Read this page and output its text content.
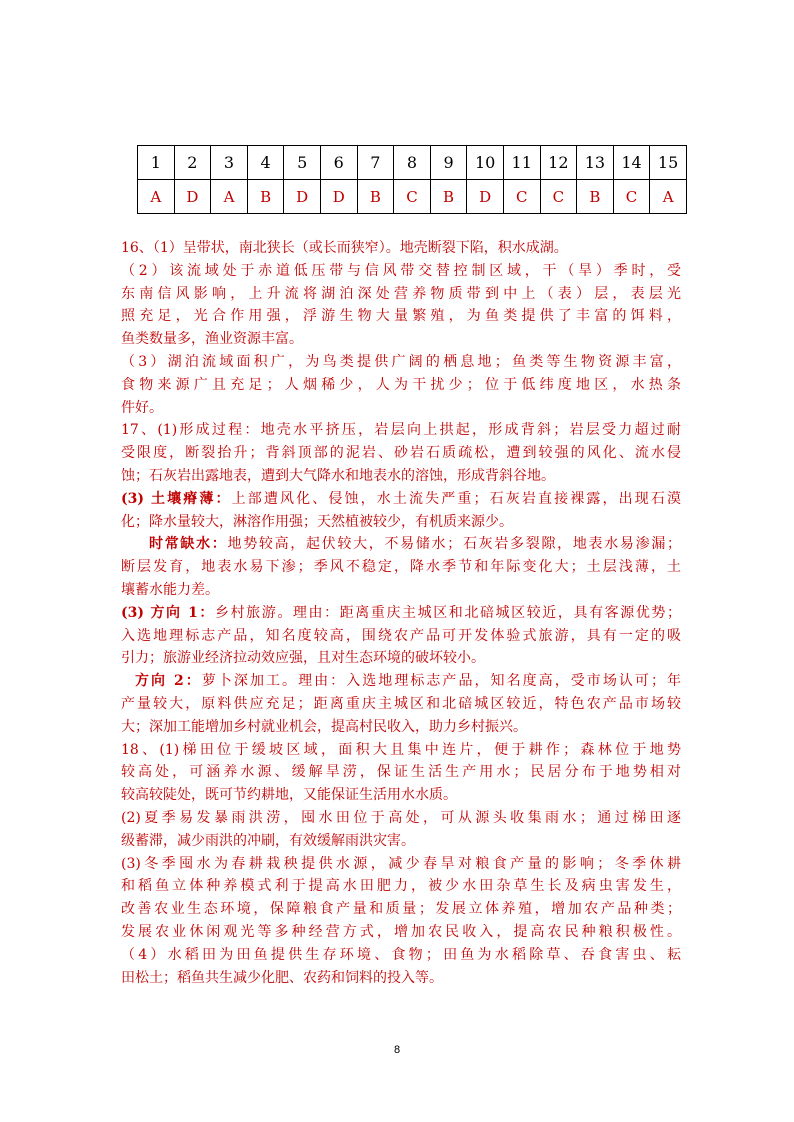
1	2	3	4	5	6	7	8	9	10	11	12	13	14	15
A	D	A	B	D	D	B	C	B	D	C	C	B	C	A
16、（1）呈带状，南北狭长（或长而狭窄）。地壳断裂下陷，积水成湖。
（2）该流域处于赤道低压带与信风带交替控制区域，干（旱）季时，受
东南信风影响，上升流将湖泊深处营养物质带到中上（表）层，表层光
照充足，光合作用强，浮游生物大量繁殖，为鱼类提供了丰富的饵料，
鱼类数量多，渔业资源丰富。
（3）湖泊流域面积广，为鸟类提供广阔的栖息地；鱼类等生物资源丰富，
食物来源广且充足；人烟稀少，人为干扰少；位于低纬度地区，水热条
件好。
17、(1)形成过程：地壳水平挤压，岩层向上拱起，形成背斜；岩层受力超过耐
受限度，断裂抬升；背斜顶部的泥岩、砂岩石质疏松，遭到较强的风化、流水侵
蚀；石灰岩出露地表，遭到大气降水和地表水的溶蚀，形成背斜谷地。
(3) 土壤瘠薄：上部遭风化、侵蚀，水土流失严重；石灰岩直接裸露，出现石漠
化；降水量较大，淋溶作用强；天然植被较少，有机质来源少。
时常缺水：地势较高，起伏较大，不易储水；石灰岩多裂隙，地表水易渗漏；
断层发育，地表水易下渗；季风不稳定，降水季节和年际变化大；土层浅薄，土
壤蓄水能力差。
(3) 方向 1：乡村旅游。理由：距离重庆主城区和北碚城区较近，具有客源优势；
入选地理标志产品，知名度较高，围绕农产品可开发体验式旅游，具有一定的吸
引力；旅游业经济拉动效应强，且对生态环境的破坏较小。
方向 2：萝卜深加工。理由：入选地理标志产品，知名度高，受市场认可；年
产量较大，原料供应充足；距离重庆主城区和北碚城区较近，特色农产品市场较
大；深加工能增加乡村就业机会，提高村民收入，助力乡村振兴。
18、(1)梯田位于缓坡区域，面积大且集中连片，便于耕作；森林位于地势
较高处，可涵养水源、缓解旱涝，保证生活生产用水；民居分布于地势相对
较高较陡处，既可节约耕地，又能保证生活用水水质。
(2)夏季易发暴雨洪涝，囤水田位于高处，可从源头收集雨水；通过梯田逐
级蓄滞，减少雨洪的冲刷，有效缓解雨洪灾害。
(3)冬季囤水为春耕栽秧提供水源，减少春旱对粮食产量的影响；冬季休耕
和稻鱼立体种养模式利于提高水田肥力，被少水田杂草生长及病虫害发生，
改善农业生态环境，保障粮食产量和质量；发展立体养殖，增加农产品种类；
发展农业休闲观光等多种经营方式，增加农民收入，提高农民种粮积极性。
（4）水稻田为田鱼提供生存环境、食物；田鱼为水稻除草、吞食害虫、耘
田松土；稻鱼共生减少化肥、农药和饲料的投入等。
8
